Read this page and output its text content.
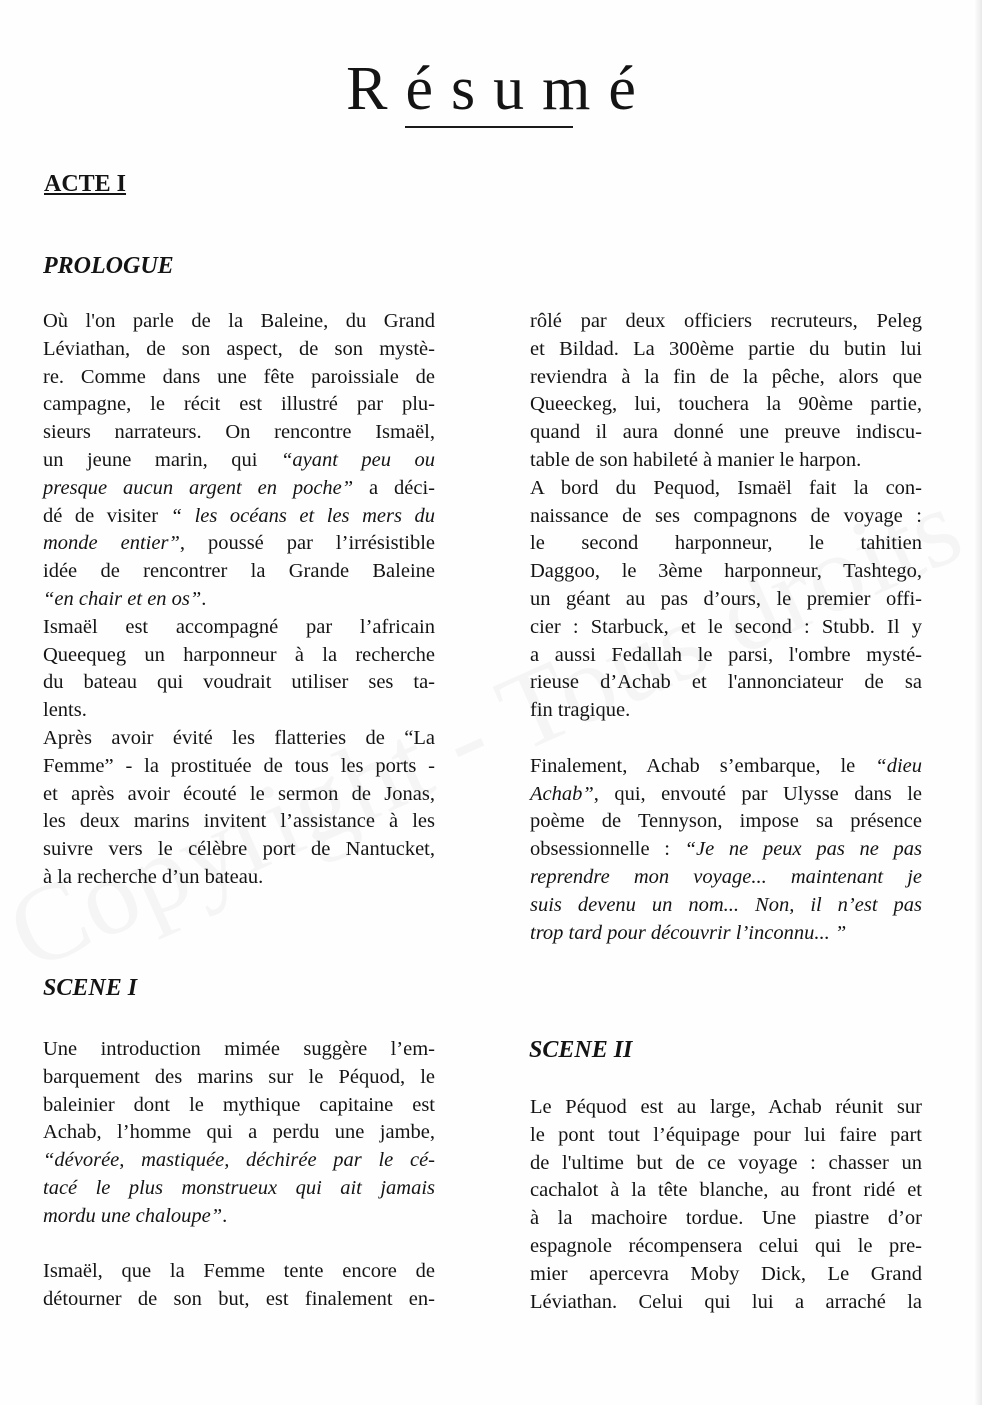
Résumé
ACTE I
PROLOGUE
Où l'on parle de la Baleine, du Grand
Léviathan, de son aspect, de son mystè-
re. Comme dans une fête paroissiale de
campagne, le récit est illustré par plu-
sieurs narrateurs. On rencontre Ismaël,
un jeune marin, qui “ayant peu ou
presque aucun argent en poche” a déci-
dé de visiter “ les océans et les mers du
monde entier”, poussé par l’irrésistible
idée de rencontrer la Grande Baleine
“en chair et en os”.
Ismaël est accompagné par l’africain
Queequeg un harponneur à la recherche
du bateau qui voudrait utiliser ses ta-
lents.
Après avoir évité les flatteries de “La
Femme” - la prostituée de tous les ports -
et après avoir écouté le sermon de Jonas,
les deux marins invitent l’assistance à les
suivre vers le célèbre port de Nantucket,
à la recherche d’un bateau.
SCENE I
Une introduction mimée suggère l’em-
barquement des marins sur le Péquod, le
baleinier dont le mythique capitaine est
Achab, l’homme qui a perdu une jambe,
“dévorée, mastiquée, déchirée par le cé-
tacé le plus monstrueux qui ait jamais
mordu une chaloupe”.
Ismaël, que la Femme tente encore de
détourner de son but, est finalement en-
rôlé par deux officiers recruteurs, Peleg
et Bildad. La 300ème partie du butin lui
reviendra à la fin de la pêche, alors que
Queeckeg, lui, touchera la 90ème partie,
quand il aura donné une preuve indiscu-
table de son habileté à manier le harpon.
A bord du Pequod, Ismaël fait la con-
naissance de ses compagnons de voyage :
le second harponneur, le tahitien
Daggoo, le 3ème harponneur, Tashtego,
un géant au pas d’ours, le premier offi-
cier : Starbuck, et le second : Stubb. Il y
a aussi Fedallah le parsi, l'ombre mysté-
rieuse d’Achab et l'annonciateur de sa
fin tragique.
Finalement, Achab s’embarque, le “dieu
Achab”, qui, envouté par Ulysse dans le
poème de Tennyson, impose sa présence
obsessionnelle : “Je ne peux pas ne pas
reprendre mon voyage... maintenant je
suis devenu un nom... Non, il n’est pas
trop tard pour découvrir l’inconnu... ”
SCENE II
Le Péquod est au large, Achab réunit sur
le pont tout l’équipage pour lui faire part
de l'ultime but de ce voyage : chasser un
cachalot à la tête blanche, au front ridé et
à la machoire tordue. Une piastre d’or
espagnole récompensera celui qui le pre-
mier apercevra Moby Dick, Le Grand
Léviathan. Celui qui lui a arraché la
